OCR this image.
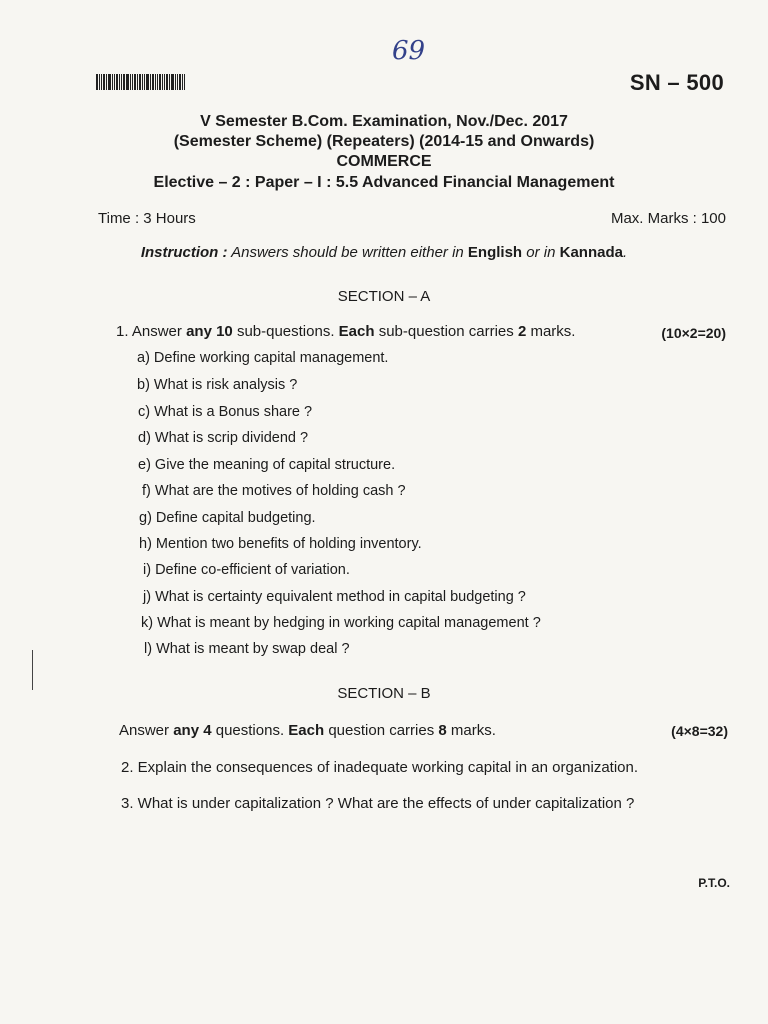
69
SN – 500
V Semester B.Com. Examination, Nov./Dec. 2017
(Semester Scheme) (Repeaters) (2014-15 and Onwards)
COMMERCE
Elective – 2 : Paper – I : 5.5 Advanced Financial Management
Time : 3 Hours	Max. Marks : 100
Instruction : Answers should be written either in English or in Kannada.
SECTION – A
1. Answer any 10 sub-questions. Each sub-question carries 2 marks.	(10×2=20)
a) Define working capital management.
b) What is risk analysis ?
c) What is a Bonus share ?
d) What is scrip dividend ?
e) Give the meaning of capital structure.
f) What are the motives of holding cash ?
g) Define capital budgeting.
h) Mention two benefits of holding inventory.
i) Define co-efficient of variation.
j) What is certainty equivalent method in capital budgeting ?
k) What is meant by hedging in working capital management ?
l) What is meant by swap deal ?
SECTION – B
Answer any 4 questions. Each question carries 8 marks.	(4×8=32)
2. Explain the consequences of inadequate working capital in an organization.
3. What is under capitalization ? What are the effects of under capitalization ?
P.T.O.
